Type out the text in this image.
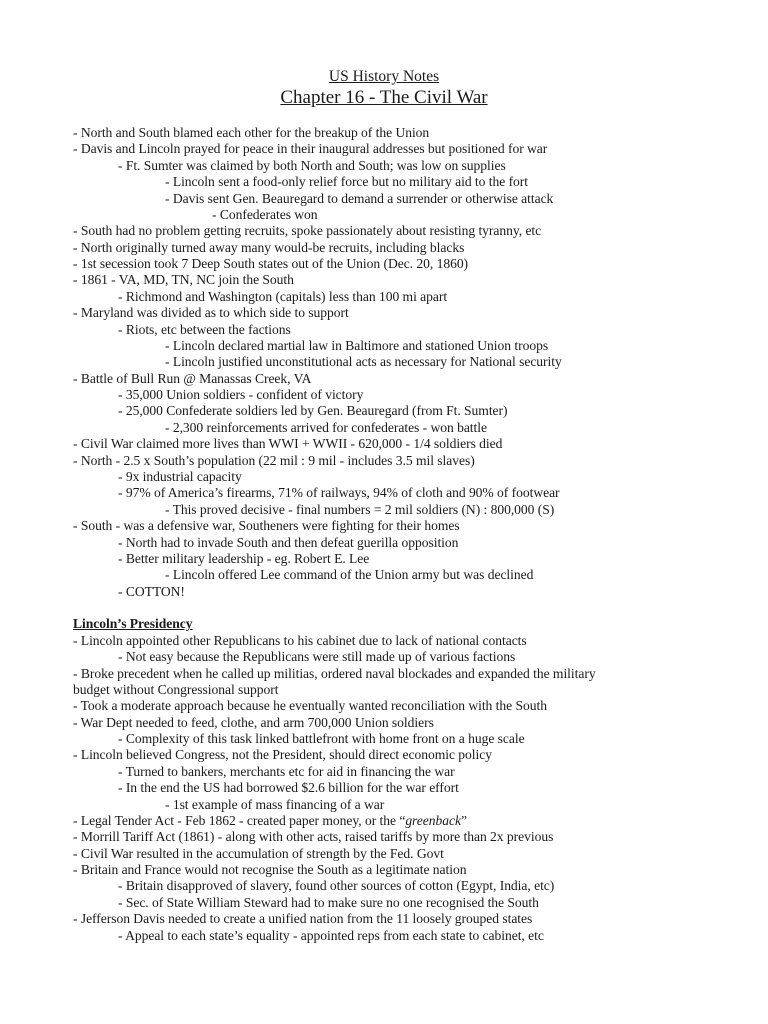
US History Notes
Chapter 16 - The Civil War
- North and South blamed each other for the breakup of the Union
- Davis and Lincoln prayed for peace in their inaugural addresses but positioned for war
- Ft. Sumter was claimed by both North and South; was low on supplies
- Lincoln sent a food-only relief force but no military aid to the fort
- Davis sent Gen. Beauregard to demand a surrender or otherwise attack
- Confederates won
- South had no problem getting recruits, spoke passionately about resisting tyranny, etc
- North originally turned away many would-be recruits, including blacks
- 1st secession took 7 Deep South states out of the Union (Dec. 20, 1860)
- 1861 - VA, MD, TN, NC join the South
- Richmond and Washington (capitals) less than 100 mi apart
- Maryland was divided as to which side to support
- Riots, etc between the factions
- Lincoln declared martial law in Baltimore and stationed Union troops
- Lincoln justified unconstitutional acts as necessary for National security
- Battle of Bull Run @ Manassas Creek, VA
- 35,000 Union soldiers - confident of victory
- 25,000 Confederate soldiers led by Gen. Beauregard (from Ft. Sumter)
- 2,300 reinforcements arrived for confederates - won battle
- Civil War claimed more lives than WWI + WWII - 620,000 - 1/4 soldiers died
- North - 2.5 x South’s population (22 mil : 9 mil - includes 3.5 mil slaves)
- 9x industrial capacity
- 97% of America’s firearms, 71% of railways, 94% of cloth and 90% of footwear
- This proved decisive - final numbers = 2 mil soldiers (N) : 800,000 (S)
- South - was a defensive war, Southeners were fighting for their homes
- North had to invade South and then defeat guerilla opposition
- Better military leadership - eg. Robert E. Lee
- Lincoln offered Lee command of the Union army but was declined
- COTTON!
Lincoln’s Presidency
- Lincoln appointed other Republicans to his cabinet due to lack of national contacts
- Not easy because the Republicans were still made up of various factions
- Broke precedent when he called up militias, ordered naval blockades and expanded the military
budget without Congressional support
- Took a moderate approach because he eventually wanted reconciliation with the South
- War Dept needed to feed, clothe, and arm 700,000 Union soldiers
- Complexity of this task linked battlefront with home front on a huge scale
- Lincoln believed Congress, not the President, should direct economic policy
- Turned to bankers, merchants etc for aid in financing the war
- In the end the US had borrowed $2.6 billion for the war effort
- 1st example of mass financing of a war
- Legal Tender Act - Feb 1862 - created paper money, or the “greenback”
- Morrill Tariff Act (1861) - along with other acts, raised tariffs by more than 2x previous
- Civil War resulted in the accumulation of strength by the Fed. Govt
- Britain and France would not recognise the South as a legitimate nation
- Britain disapproved of slavery, found other sources of cotton (Egypt, India, etc)
- Sec. of State William Steward had to make sure no one recognised the South
- Jefferson Davis needed to create a unified nation from the 11 loosely grouped states
- Appeal to each state’s equality - appointed reps from each state to cabinet, etc
